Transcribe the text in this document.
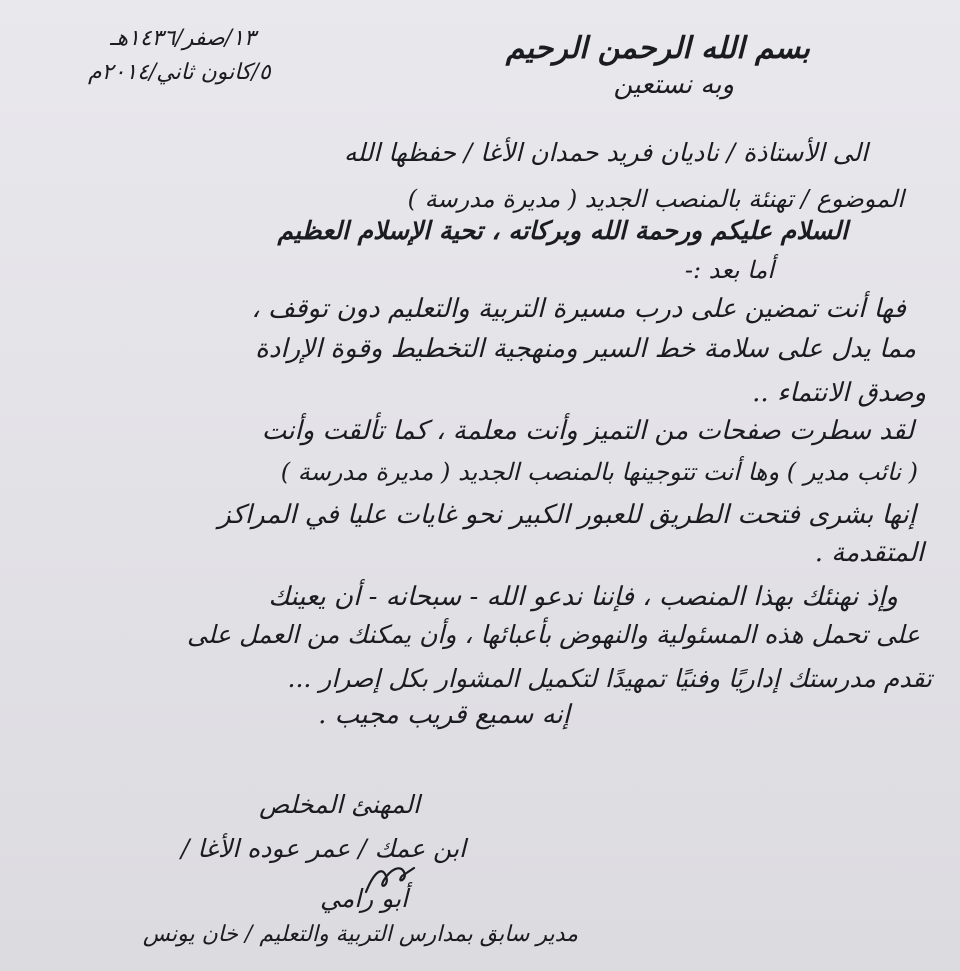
بسم الله الرحمن الرحيم
وبه نستعين
١٣/صفر/١٤٣٦هـ
٥/كانون ثاني/٢٠١٤م
الى الأستاذة / ناديان فريد حمدان الأغا / حفظها الله
الموضوع / تهنئة بالمنصب الجديد ( مديرة مدرسة )
السلام عليكم ورحمة الله وبركاته ، تحية الإسلام العظيم
أما بعد :-
فها أنت تمضين على درب مسيرة التربية والتعليم دون توقف ،
مما يدل على سلامة خط السير ومنهجية التخطيط وقوة الإرادة
وصدق الانتماء ..
لقد سطرت صفحات من التميز وأنت معلمة ، كما تألقت وأنت
( نائب مدير ) وها أنت تتوجينها بالمنصب الجديد ( مديرة مدرسة )
إنها بشرى فتحت الطريق للعبور الكبير نحو غايات عليا في المراكز
المتقدمة .
وإذ نهنئك بهذا المنصب ، فإننا ندعو الله - سبحانه - أن يعينك
على تحمل هذه المسئولية والنهوض بأعبائها ، وأن يمكنك من العمل على
تقدم مدرستك إداريًا وفنيًا تمهيدًا لتكميل المشوار بكل إصرار ...
إنه سميع قريب مجيب .
المهنئ المخلص
ابن عمك / عمر عوده الأغا /
أبو رامي
مدير سابق بمدارس التربية والتعليم / خان يونس
